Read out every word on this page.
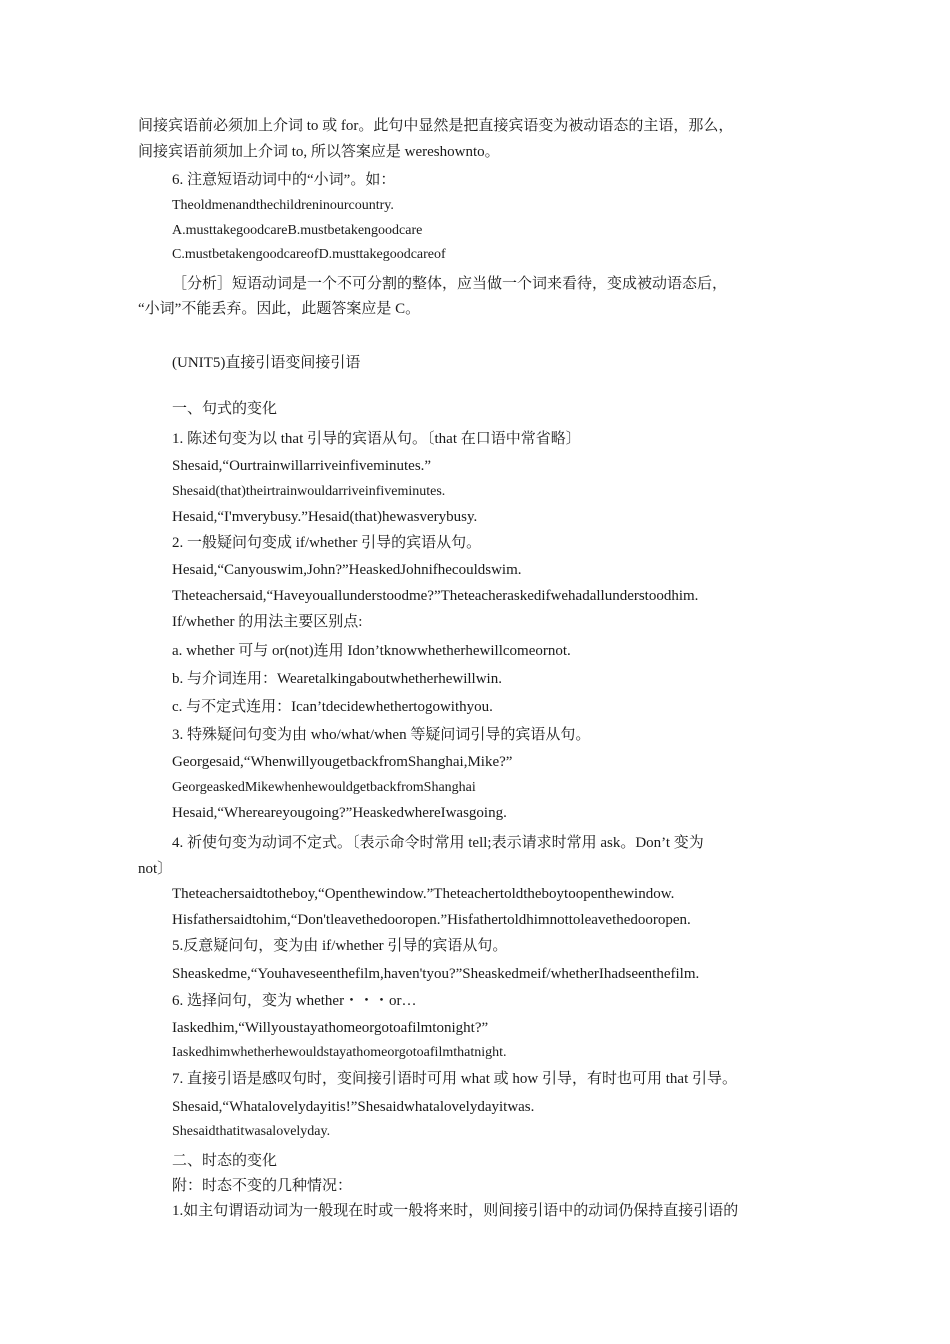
间接宾语前必须加上介词 to 或 for。此句中显然是把直接宾语变为被动语态的主语，那么，
间接宾语前须加上介词 to, 所以答案应是 wereshownto。
6. 注意短语动词中的“小词”。如：
Theoldmenandthechildreninourcountry.
A.musttakegoodcareB.mustbetakengoodcare
C.mustbetakengoodcareofD.musttakegoodcareof
［分析］短语动词是一个不可分割的整体，应当做一个词来看待，变成被动语态后，
“小词”不能丢弃。因此，此题答案应是 C。
(UNIT5)直接引语变间接引语
一、句式的变化
1. 陈述句变为以 that 引导的宾语从句。〔that 在口语中常省略〕
Shesaid,“Ourtrainwillarriveinfiveminutes.”
Shesaid(that)theirtrainwouldarriveinfiveminutes.
Hesaid,“I'mverybusy.”Hesaid(that)hewasverybusy.
2. 一般疑问句变成 if/whether 引导的宾语从句。
Hesaid,“Canyouswim,John?”HeaskedJohnifhecouldswim.
Theteachersaid,“Haveyouallunderstoodme?”Theteacheraskedifwehadallunderstoodhim.
If/whether 的用法主要区别点:
a. whether 可与 or(not)连用 Idon’tknowwhetherhewillcomeornot.
b. 与介词连用：Wearetalkingaboutwhetherhewillwin.
c. 与不定式连用：Ican’tdecidewhethertogowithyou.
3. 特殊疑问句变为由 who/what/when 等疑问词引导的宾语从句。
Georgesaid,“WhenwillyougetbackfromShanghai,Mike?”
GeorgeaskedMikewhenhewouldgetbackfromShanghai
Hesaid,“Whereareyougoing?”HeaskedwhereIwasgoing.
4. 祈使句变为动词不定式。〔表示命令时常用 tell;表示请求时常用 ask。Don’t 变为
not〕
Theteachersaidtotheboy,“Openthewindow.”Theteachertoldtheboytoopenthewindow.
Hisfathersaidtohim,“Don'tleavethedooropen.”Hisfathertoldhimnottoleavethedooropen.
5.反意疑问句，变为由 if/whether 引导的宾语从句。
Sheaskedme,“Youhaveseenthefilm,haven'tyou?”Sheaskedmeif/whetherIhadseenthefilm.
6. 选择问句，变为 whether・・・or…
Iaskedhim,“Willyoustayathomeorgotoafilmtonight?”
Iaskedhimwhetherhewouldstayathomeorgotoafilmthatnight.
7. 直接引语是感叹句时，变间接引语时可用 what 或 how 引导，有时也可用 that 引导。
Shesaid,“Whatalovelydayitis!”Shesaidwhatalovelydayitwas.
Shesaidthatitwasalovelyday.
二、时态的变化
附：时态不变的几种情况：
1.如主句谓语动词为一般现在时或一般将来时，则间接引语中的动词仍保持直接引语的
